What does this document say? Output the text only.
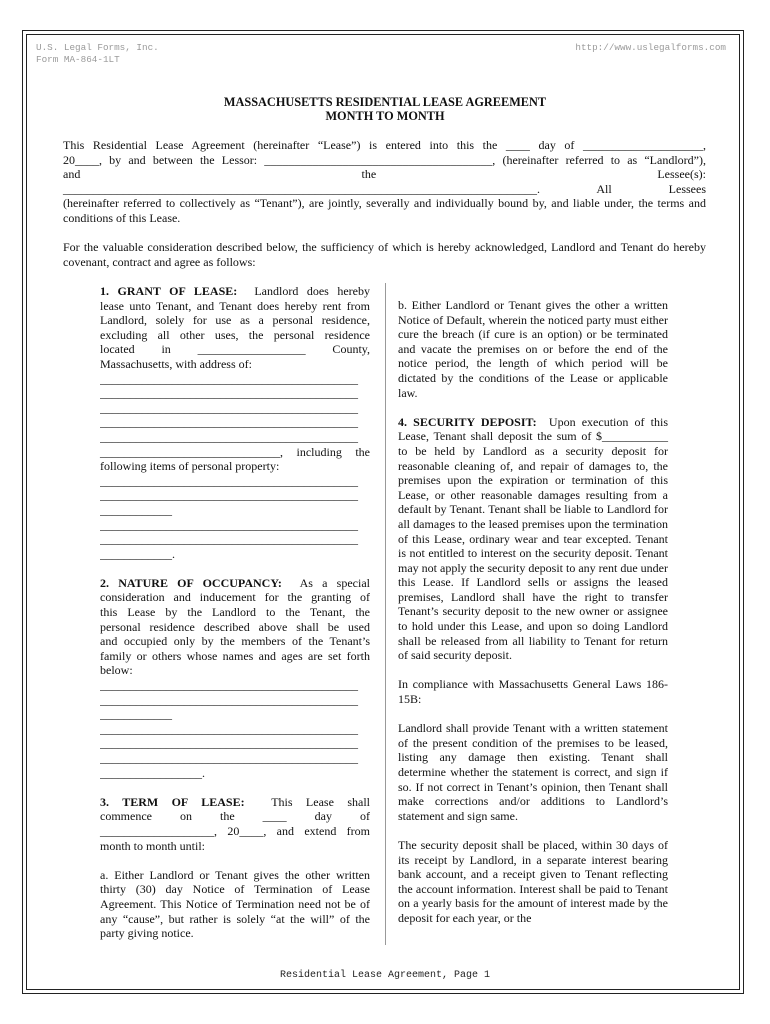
U.S. Legal Forms, Inc.
Form MA-864-1LT
http://www.uslegalforms.com
MASSACHUSETTS RESIDENTIAL LEASE AGREEMENT
MONTH TO MONTH
This Residential Lease Agreement (hereinafter “Lease”) is entered into this the ____ day of ____________________,
20____, by and between the Lessor: ______________________________________, (hereinafter referred to as “Landlord”),
and the Lessee(s):
_______________________________________________________________________________. All Lessees
(hereinafter referred to collectively as “Tenant”), are jointly, severally and individually bound by, and liable under, the terms and conditions of this Lease.
For the valuable consideration described below, the sufficiency of which is hereby acknowledged, Landlord and Tenant do hereby covenant, contract and agree as follows:

1. GRANT OF LEASE: Landlord does hereby

lease unto Tenant, and Tenant does hereby rent from

Landlord, solely for use as a personal residence,

excluding all other uses, the personal residence

located in __________________ County,

Massachusetts, with address of:

___________________________________________

___________________________________________

___________________________________________

___________________________________________

___________________________________________

______________________________, including the

following items of personal property:

___________________________________________

___________________________________________

____________

___________________________________________

___________________________________________

____________.

2. NATURE OF OCCUPANCY: As a special

consideration and inducement for the granting of

this Lease by the Landlord to the Tenant, the

personal residence described above shall be used

and occupied only by the members of the Tenant’s

family or others whose names and ages are set forth

below:

___________________________________________

___________________________________________

____________

___________________________________________

___________________________________________

___________________________________________

_________________.

3. TERM OF LEASE: This Lease shall

commence on the ____ day of

___________________, 20____, and extend from

month to month until:

a. Either Landlord or Tenant gives the other written thirty (30) day Notice of Termination of Lease Agreement. This Notice of Termination need not be of any “cause”, but rather is solely “at the will” of the party giving notice.

b. Either Landlord or Tenant gives the other a written Notice of Default, wherein the noticed party must either cure the breach (if cure is an option) or be terminated and vacate the premises on or before the end of the notice period, the length of which period will be dictated by the conditions of the Lease or applicable law.

4. SECURITY DEPOSIT: Upon execution of this Lease, Tenant shall deposit the sum of $___________ to be held by Landlord as a security deposit for reasonable cleaning of, and repair of damages to, the premises upon the expiration or termination of this Lease, or other reasonable damages resulting from a default by Tenant. Tenant shall be liable to Landlord for all damages to the leased premises upon the termination of this Lease, ordinary wear and tear excepted. Tenant is not entitled to interest on the security deposit. Tenant may not apply the security deposit to any rent due under this Lease. If Landlord sells or assigns the leased premises, Landlord shall have the right to transfer Tenant’s security deposit to the new owner or assignee to hold under this Lease, and upon so doing Landlord shall be released from all liability to Tenant for return of said security deposit.

In compliance with Massachusetts General Laws 186-15B:

Landlord shall provide Tenant with a written statement of the present condition of the premises to be leased, listing any damage then existing. Tenant shall determine whether the statement is correct, and sign if so. If not correct in Tenant’s opinion, then Tenant shall make corrections and/or additions to Landlord’s statement and sign same.

The security deposit shall be placed, within 30 days of its receipt by Landlord, in a separate interest bearing bank account, and a receipt given to Tenant reflecting the account information. Interest shall be paid to Tenant on a yearly basis for the amount of interest made by the deposit for each year, or the

Residential Lease Agreement, Page 1
